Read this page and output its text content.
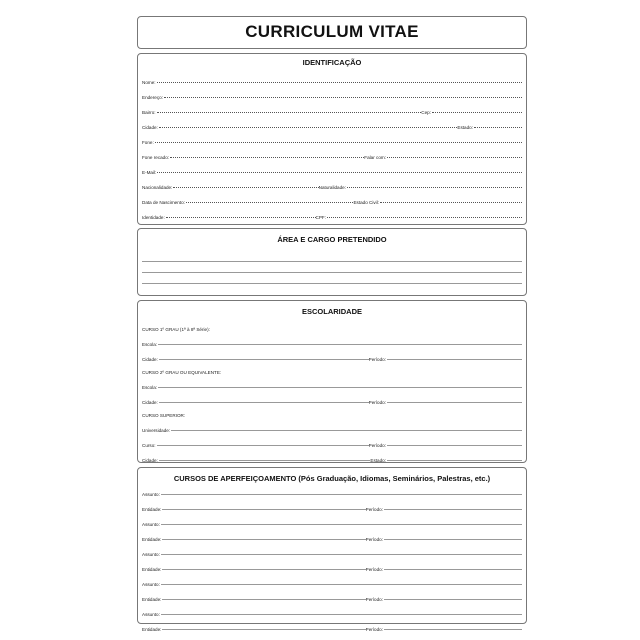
CURRICULUM VITAE
IDENTIFICAÇÃO
Nome:
Endereço:
Bairro:	Cep:
Cidade:	Estado:
Fone:
Fone recado:	Falar com:
E-Mail:
Nacionalidade:	Naturalidade:
Data de Nascimento:	Estado Civil:
Identidade:	CPF:
ÁREA E CARGO PRETENDIDO
ESCOLARIDADE
CURSO 1º GRAU (1ª à 8ª Série):
Escola:
Cidade:	Período:
CURSO 2º GRAU OU EQUIVALENTE:
Escola:
Cidade:	Período:
CURSO SUPERIOR:
Universidade:
Curso:	Período:
Cidade:	Estado:
CURSOS DE APERFEIÇOAMENTO (Pós Graduação, Idiomas, Seminários, Palestras, etc.)
Assunto:
Entidade:	Período:
Assunto:
Entidade:	Período:
Assunto:
Entidade:	Período:
Assunto:
Entidade:	Período:
Assunto:
Entidade:	Período:
